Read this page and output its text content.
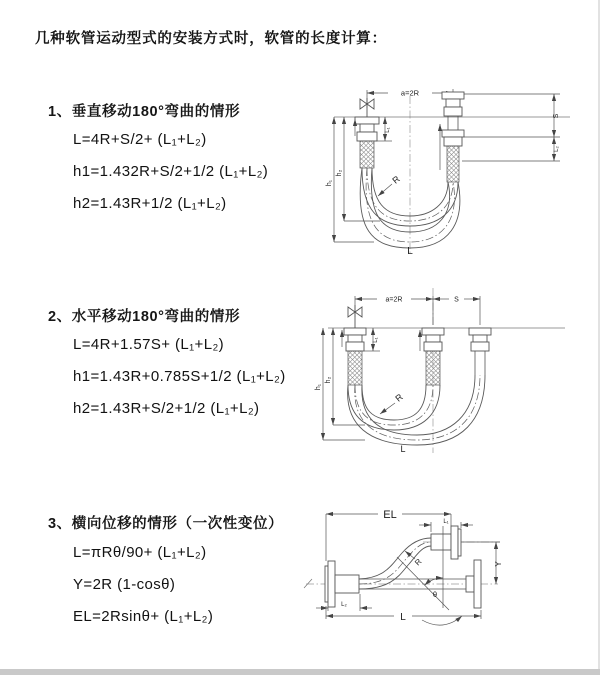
几种软管运动型式的安装方式时，软管的长度计算：
1、垂直移动180°弯曲的情形
L=4R+S/2+ (L₁+L₂)
h1=1.432R+S/2+1/2 (L₁+L₂)
h2=1.43R+1/2 (L₁+L₂)
2、水平移动180°弯曲的情形
L=4R+1.57S+ (L₁+L₂)
h1=1.43R+0.785S+1/2 (L₁+L₂)
h2=1.43R+S/2+1/2 (L₁+L₂)
3、横向位移的情形（一次性变位）
L=πRθ/90+ (L₁+L₂)
Y=2R (1-cosθ)
EL=2Rsinθ+ (L₁+L₂)
a=2R
h₁
h₂
L₁
S
L₂
R
L
a=2R	S
h₁
h₂
L₁
R
L
EL
L₁
Y
θ
R
L₂
L
